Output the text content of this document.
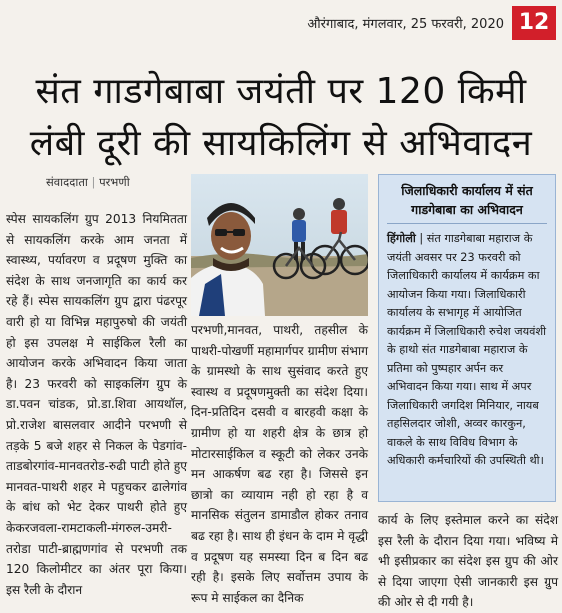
औरंगाबाद, मंगलवार, 25 फरवरी, 2020 12
संत गाडगेबाबा जयंती पर 120 किमी
लंबी दूरी की सायकिलिंग से अभिवादन
संवाददाता | परभणी

स्पेस सायकलिंग ग्रुप 2013 नियमितता से सायकलिंग करके आम जनता में स्वास्थ्य, पर्यावरण व प्रदूषण मुक्ति का संदेश के साथ जनजागृति का कार्य कर रहे हैं। स्पेस सायकलिंग ग्रुप द्वारा पंढरपूर वारी हो या विभिन्न महापुरुषो की जयंती हो इस उपलक्ष मे साईकिल रैली का आयोजन करके अभिवादन किया जाता है। 23 फरवरी को साइकलिंग ग्रुप के डा.पवन चांडक, प्रो.डा.शिवा आयथॉल, प्रो.राजेश बासलवार आदीने परभणी से तड़के 5 बजे शहर से निकल के पेडगांव-ताडबोरगांव-मानवतरोड-रुढी पाटी होते हुए मानवत-पाथरी शहर मे पहुचकर ढालेगांव के बांध को भेट देकर पाथरी होते हुए केकरजवला-रामटाकली-मंगरुल-उमरी-तरोडा पाटी-ब्राह्मणगांव से परभणी तक 120 किलोमीटर का अंतर पूरा किया। इस रैली के दौरान

परभणी,मानवत, पाथरी, तहसील के पाथरी-पोखर्णी महामार्गपर ग्रामीण संभाग के ग्रामस्थो के साथ सुसंवाद करते हुए स्वास्थ व प्रदूषणमुक्ती का संदेश दिया। दिन-प्रतिदिन दसवी व बारहवी कक्षा के ग्रामीण हो या शहरी क्षेत्र के छात्र हो मोटारसाईकिल व स्कूटी को लेकर उनके मन आकर्षण बढ रहा है। जिससे इन छात्रो का व्यायाम नही हो रहा है व मानसिक संतुलन डामाडौल होकर तनाव बढ रहा है। साथ ही इंधन के दाम मे वृद्धी व प्रदूषण यह समस्या दिन ब दिन बढ रही है। इसके लिए सर्वोत्तम उपाय के रूप मे साईकल का दैनिक

जिलाधिकारी कार्यालय में संत गाडगेबाबा का अभिवादन
हिंगोली | संत गाडगेबाबा महाराज के जयंती अवसर पर 23 फरवरी को जिलाधिकारी कार्यालय में कार्यक्रम का आयोजन किया गया। जिलाधिकारी कार्यालय के सभागृह में आयोजित कार्यक्रम में जिलाधिकारी रुचेश जयवंशी के हाथो संत गाडगेबाबा महाराज के प्रतिमा को पुष्पहार अर्पन कर अभिवादन किया गया। साथ में अपर जिलाधिकारी जगदिश मिनियार, नायब तहसिलदार जोशी, अव्वर कारकुन, वाकले के साथ विविध विभाग के अधिकारी कर्मचारियों की उपस्थिती थी।

कार्य के लिए इस्तेमाल करने का संदेश इस रैली के दौरान दिया गया। भविष्य मे भी इसीप्रकार का संदेश इस ग्रुप की ओर से दिया जाएगा ऐसी जानकारी इस ग्रुप की ओर से दी गयी है।
